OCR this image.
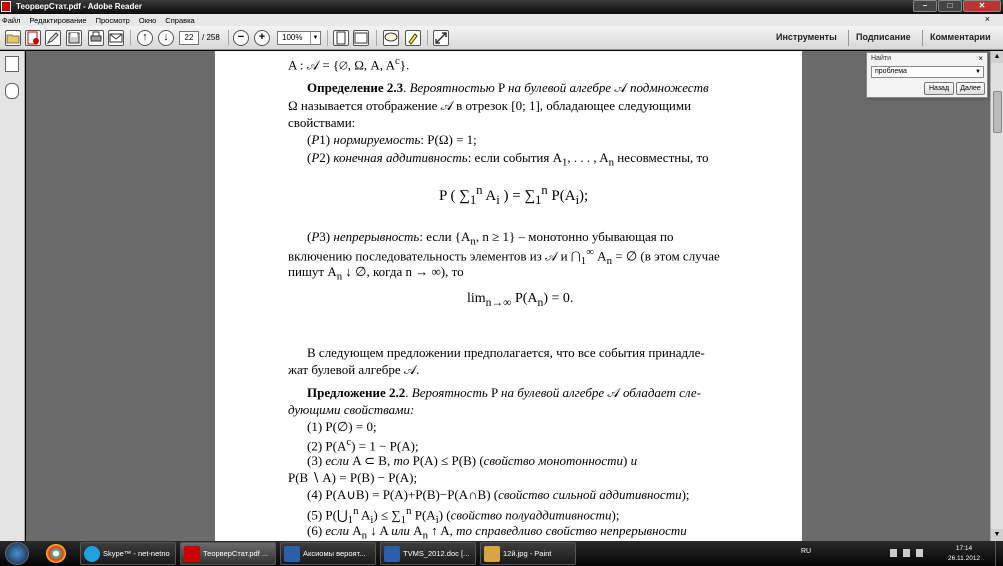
ТеорверСтат.pdf - Adobe Reader	–	□	✕
Файл Редактирование Просмотр Окно Справка	×
↑	↓	22	/ 258	−	+	100%	▼	Инструменты Подписание Комментарии
A : 𝒜 = {∅, Ω, A, $A^c$}.
Определение 2.3. Вероятностью P на булевой алгебре 𝒜 подмножеств
Ω называется отображение 𝒜 в отрезок [0; 1], обладающее следующими
свойствами:
(P1) нормируемость: P(Ω) = 1;
(P2) конечная аддитивность: если события $A_1$, . . . , $A_n$ несовместны, то
P ( $\sum_1^n$ $A_i$ ) = $\sum_1^n$ $P(A_i)$;
(P3) непрерывность: если {$A_n$, n ≥ 1} – монотонно убывающая по
включению последовательность элементов из 𝒜 и $⋂_1^\infty$ $A_n$ = ∅ (в этом случае
пишут $A_n$ ↓ ∅, когда n → ∞), то
$\lim_{n\to\infty} P(A_n) = 0$.
В следующем предложении предполагается, что все события принадле-
жат булевой алгебре 𝒜.
Предложение 2.2. Вероятность P на булевой алгебре 𝒜 обладает сле-
дующими свойствами:
(1) P(∅) = 0;
(2) $P(A^c) = 1 - P(A)$;
(3) если A ⊂ B, то P(A) ≤ P(B) (свойство монотонности) и
P(B ∖ A) = P(B) − P(A);
(4) P(A∪B) = P(A)+P(B)−P(A∩B) (свойство сильной аддитивности);
(5) $P(⋃_1^n$ $A_i) \le \sum_1^n$ $P(A_i)$ (свойство полуаддитивности);
(6) если $A_n$ ↓ A или $A_n$ ↑ A, то справедливо свойство непрерывности
Найти	×
проблема	▼
Назад	Далее
▲
▼
Skype™ - net-netno	ТеорверСтат.pdf ...	Аксиомы вероят...	TVMS_2012.doc [...	12й.jpg - Paint	RU	17:14
26.11.2012
